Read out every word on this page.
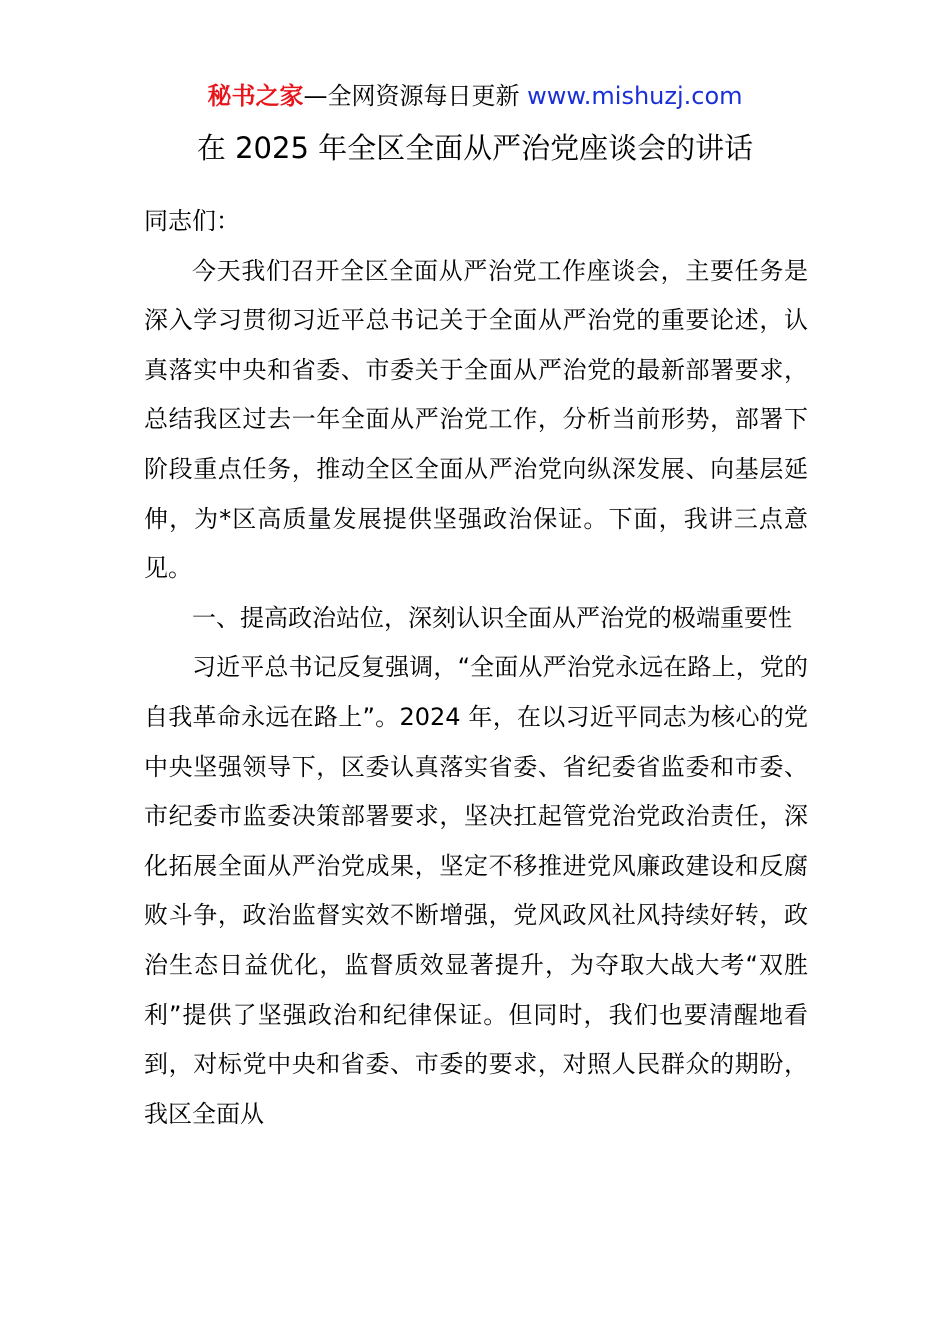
秘书之家—全网资源每日更新 www.mishuzj.com
在 2025 年全区全面从严治党座谈会的讲话

同志们：

今天我们召开全区全面从严治党工作座谈会，主要任务是深入学习贯彻习近平总书记关于全面从严治党的重要论述，认真落实中央和省委、市委关于全面从严治党的最新部署要求，总结我区过去一年全面从严治党工作，分析当前形势，部署下阶段重点任务，推动全区全面从严治党向纵深发展、向基层延伸，为*区高质量发展提供坚强政治保证。下面，我讲三点意见。

一、提高政治站位，深刻认识全面从严治党的极端重要性

习近平总书记反复强调，“全面从严治党永远在路上，党的自我革命永远在路上”。2024 年，在以习近平同志为核心的党中央坚强领导下，区委认真落实省委、省纪委省监委和市委、市纪委市监委决策部署要求，坚决扛起管党治党政治责任，深化拓展全面从严治党成果，坚定不移推进党风廉政建设和反腐败斗争，政治监督实效不断增强，党风政风社风持续好转，政治生态日益优化，监督质效显著提升，为夺取大战大考“双胜利”提供了坚强政治和纪律保证。但同时，我们也要清醒地看到，对标党中央和省委、市委的要求，对照人民群众的期盼，我区全面从
